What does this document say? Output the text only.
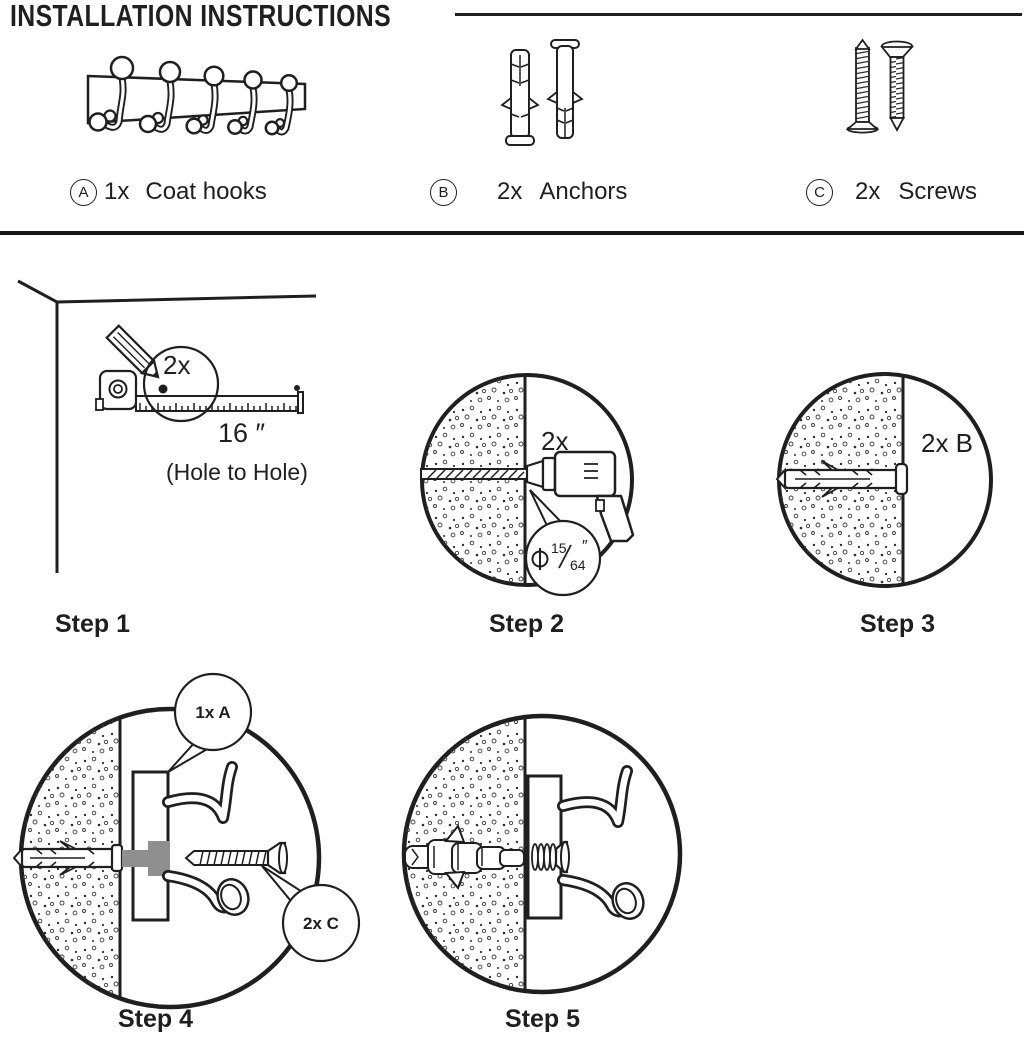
INSTALLATION INSTRUCTIONS
A 1x Coat hooks	B	2x Anchors	C	2x Screws
2x
16 ″
(Hole to Hole)
2x
15
64
″
2x B
Step 1	Step 2	Step 3
1x A
2x C
Step 4	Step 5
